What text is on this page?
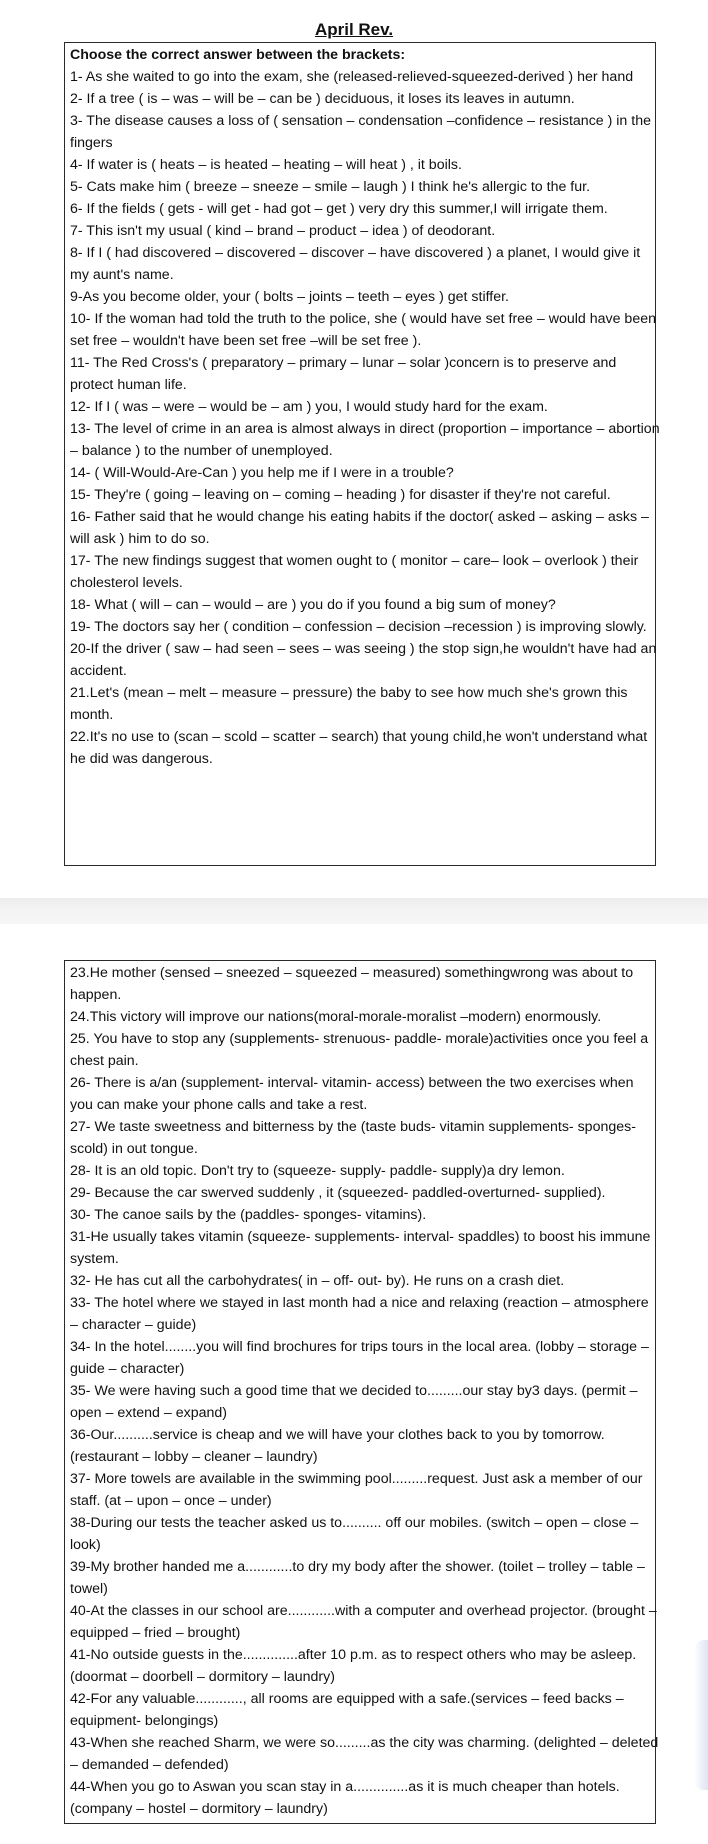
April Rev.

Choose the correct answer between the brackets:

1- As she waited to go into the exam, she (released-relieved-squeezed-derived ) her hand
2- If a tree ( is – was – will be – can be ) deciduous, it loses its leaves in autumn.
3- The disease causes a loss of ( sensation – condensation –confidence – resistance ) in the fingers
4- If water is ( heats – is heated – heating – will heat ) , it boils.
5- Cats make him ( breeze – sneeze – smile – laugh ) I think he's allergic to the fur.
6- If the fields ( gets - will get - had got – get ) very dry this summer,I will irrigate them.
7- This isn't my usual ( kind – brand – product – idea ) of deodorant.
8- If I ( had discovered – discovered – discover – have discovered ) a planet, I would give it my aunt's name.
9-As you become older, your ( bolts – joints – teeth – eyes ) get stiffer.
10- If the woman had told the truth to the police, she ( would have set free – would have been set free – wouldn't have been set free –will be set free ).
11- The Red Cross's ( preparatory – primary – lunar – solar )concern is to preserve and protect human life.
12- If I ( was – were – would be – am ) you, I would study hard for the exam.
13- The level of crime in an area is almost always in direct (proportion – importance – abortion – balance ) to the number of unemployed.
14- ( Will-Would-Are-Can ) you help me if I were in a trouble?
15- They're ( going – leaving on – coming – heading ) for disaster if they're not careful.
16- Father said that he would change his eating habits if the doctor( asked – asking – asks – will ask ) him to do so.
17- The new findings suggest that women ought to ( monitor – care– look – overlook ) their cholesterol levels.
18- What ( will – can – would – are ) you do if you found a big sum of money?
19- The doctors say her ( condition – confession – decision –recession ) is improving slowly.
20-If the driver ( saw – had seen – sees – was seeing ) the stop sign,he wouldn't have had an accident.
21.Let's (mean – melt – measure – pressure) the baby to see how much she's grown this month.
22.It's no use to (scan – scold – scatter – search) that young child,he won't understand what he did was dangerous.
23.He mother (sensed – sneezed – squeezed – measured) somethingwrong was about to happen.
24.This victory will improve our nations(moral-morale-moralist –modern) enormously.
25. You have to stop any (supplements- strenuous- paddle- morale)activities once you feel a chest pain.
26- There is a/an (supplement- interval- vitamin- access) between the two exercises when you can make your phone calls and take a rest.
27- We taste sweetness and bitterness by the (taste buds- vitamin supplements- sponges- scold) in out tongue.
28- It is an old topic. Don't try to (squeeze- supply- paddle- supply)a dry lemon.
29- Because the car swerved suddenly , it (squeezed- paddled-overturned- supplied).
30- The canoe sails by the (paddles- sponges- vitamins).
31-He usually takes vitamin (squeeze- supplements- interval- spaddles) to boost his immune system.
32- He has cut all the carbohydrates( in – off- out- by). He runs on a crash diet.
33- The hotel where we stayed in last month had a nice and relaxing (reaction – atmosphere – character – guide)
34- In the hotel........you will find brochures for trips tours in the local area. (lobby – storage – guide – character)
35- We were having such a good time that we decided to.........our stay by3 days. (permit – open – extend – expand)
36-Our..........service is cheap and we will have your clothes back to you by tomorrow. (restaurant – lobby – cleaner – laundry)
37- More towels are available in the swimming pool.........request. Just ask a member of our staff. (at – upon – once – under)
38-During our tests the teacher asked us to.......... off our mobiles. (switch – open – close – look)
39-My brother handed me a............to dry my body after the shower. (toilet – trolley – table – towel)
40-At the classes in our school are............with a computer and overhead projector. (brought – equipped – fried – brought)
41-No outside guests in the..............after 10 p.m. as to respect others who may be asleep.(doormat – doorbell – dormitory – laundry)
42-For any valuable............, all rooms are equipped with a safe.(services – feed backs – equipment- belongings)
43-When she reached Sharm, we were so.........as the city was charming. (delighted – deleted – demanded – defended)
44-When you go to Aswan you scan stay in a..............as it is much cheaper than hotels.(company – hostel – dormitory – laundry)
